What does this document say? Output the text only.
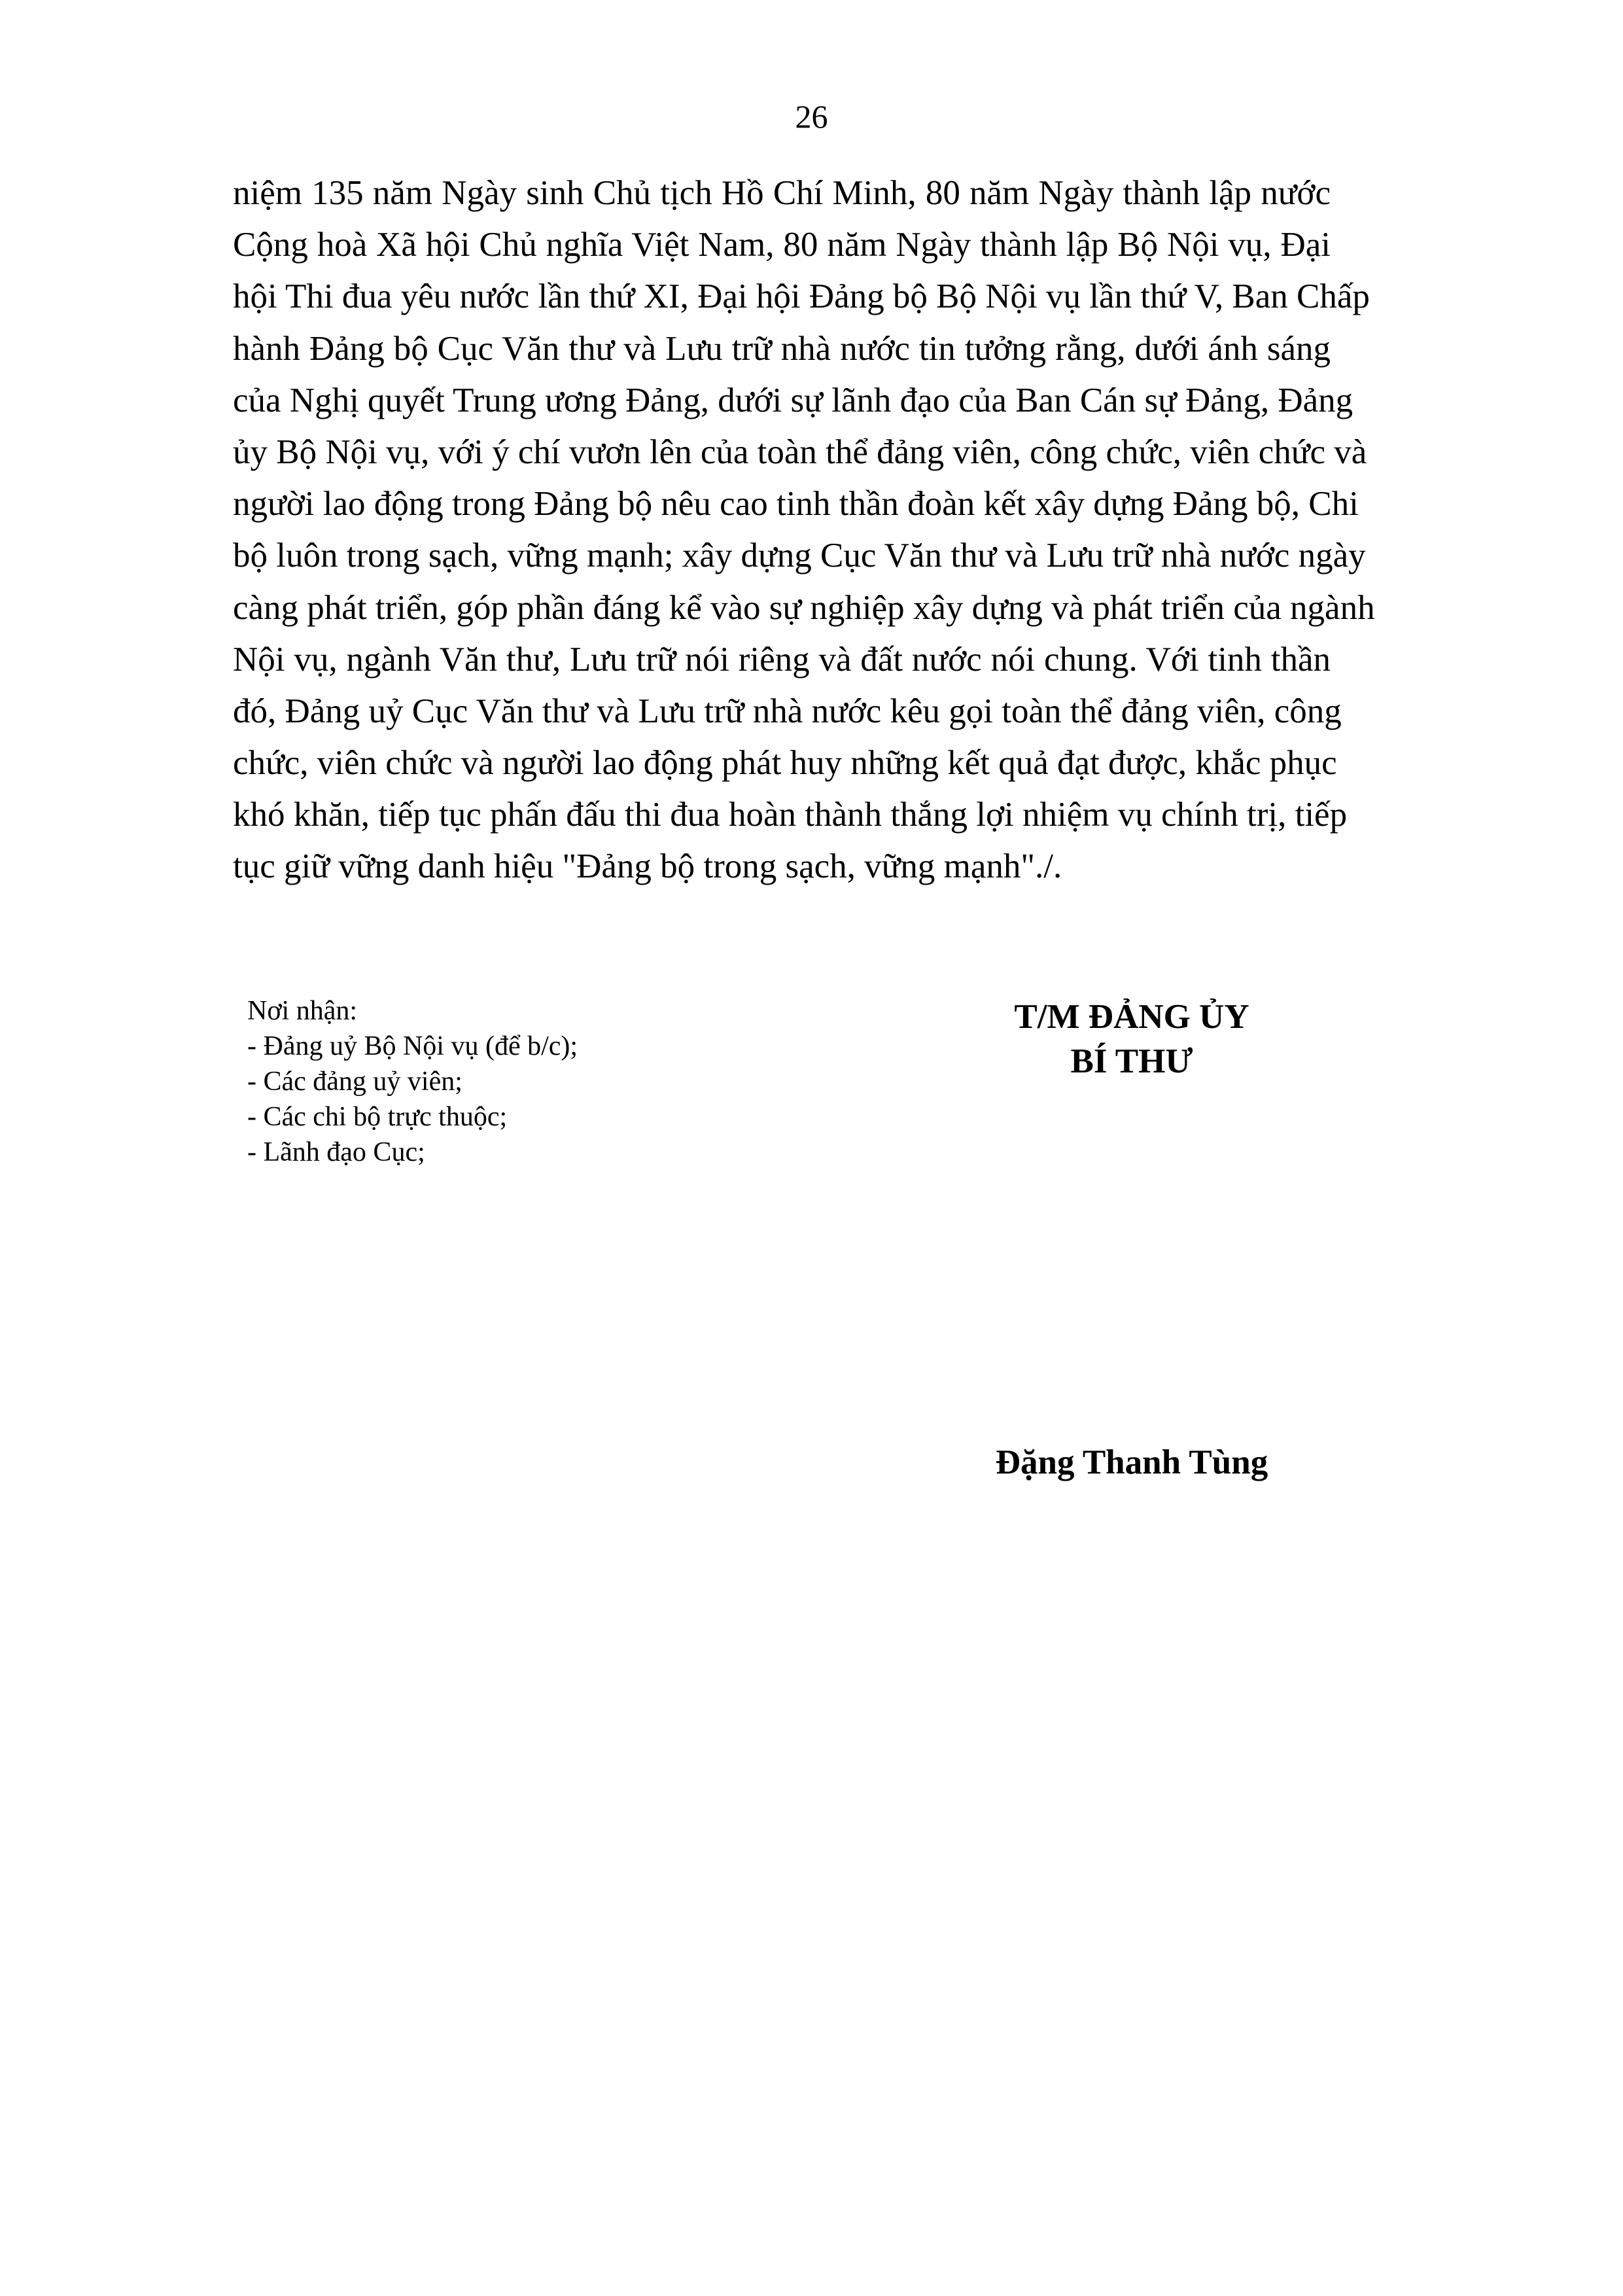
26
niệm 135 năm Ngày sinh Chủ tịch Hồ Chí Minh, 80 năm Ngày thành lập nước
Cộng hoà Xã hội Chủ nghĩa Việt Nam, 80 năm Ngày thành lập Bộ Nội vụ, Đại
hội Thi đua yêu nước lần thứ XI, Đại hội Đảng bộ Bộ Nội vụ lần thứ V, Ban Chấp
hành Đảng bộ Cục Văn thư và Lưu trữ nhà nước tin tưởng rằng, dưới ánh sáng
của Nghị quyết Trung ương Đảng, dưới sự lãnh đạo của Ban Cán sự Đảng, Đảng
ủy Bộ Nội vụ, với ý chí vươn lên của toàn thể đảng viên, công chức, viên chức và
người lao động trong Đảng bộ nêu cao tinh thần đoàn kết xây dựng Đảng bộ, Chi
bộ luôn trong sạch, vững mạnh; xây dựng Cục Văn thư và Lưu trữ nhà nước ngày
càng phát triển, góp phần đáng kể vào sự nghiệp xây dựng và phát triển của ngành
Nội vụ, ngành Văn thư, Lưu trữ nói riêng và đất nước nói chung. Với tinh thần
đó, Đảng uỷ Cục Văn thư và Lưu trữ nhà nước kêu gọi toàn thể đảng viên, công
chức, viên chức và người lao động phát huy những kết quả đạt được, khắc phục
khó khăn, tiếp tục phấn đấu thi đua hoàn thành thắng lợi nhiệm vụ chính trị, tiếp
tục giữ vững danh hiệu "Đảng bộ trong sạch, vững mạnh"./.
Nơi nhận:
- Đảng uỷ Bộ Nội vụ (để b/c);
- Các đảng uỷ viên;
- Các chi bộ trực thuộc;
- Lãnh đạo Cục;
T/M ĐẢNG ỦY
BÍ THƯ
Đặng Thanh Tùng
